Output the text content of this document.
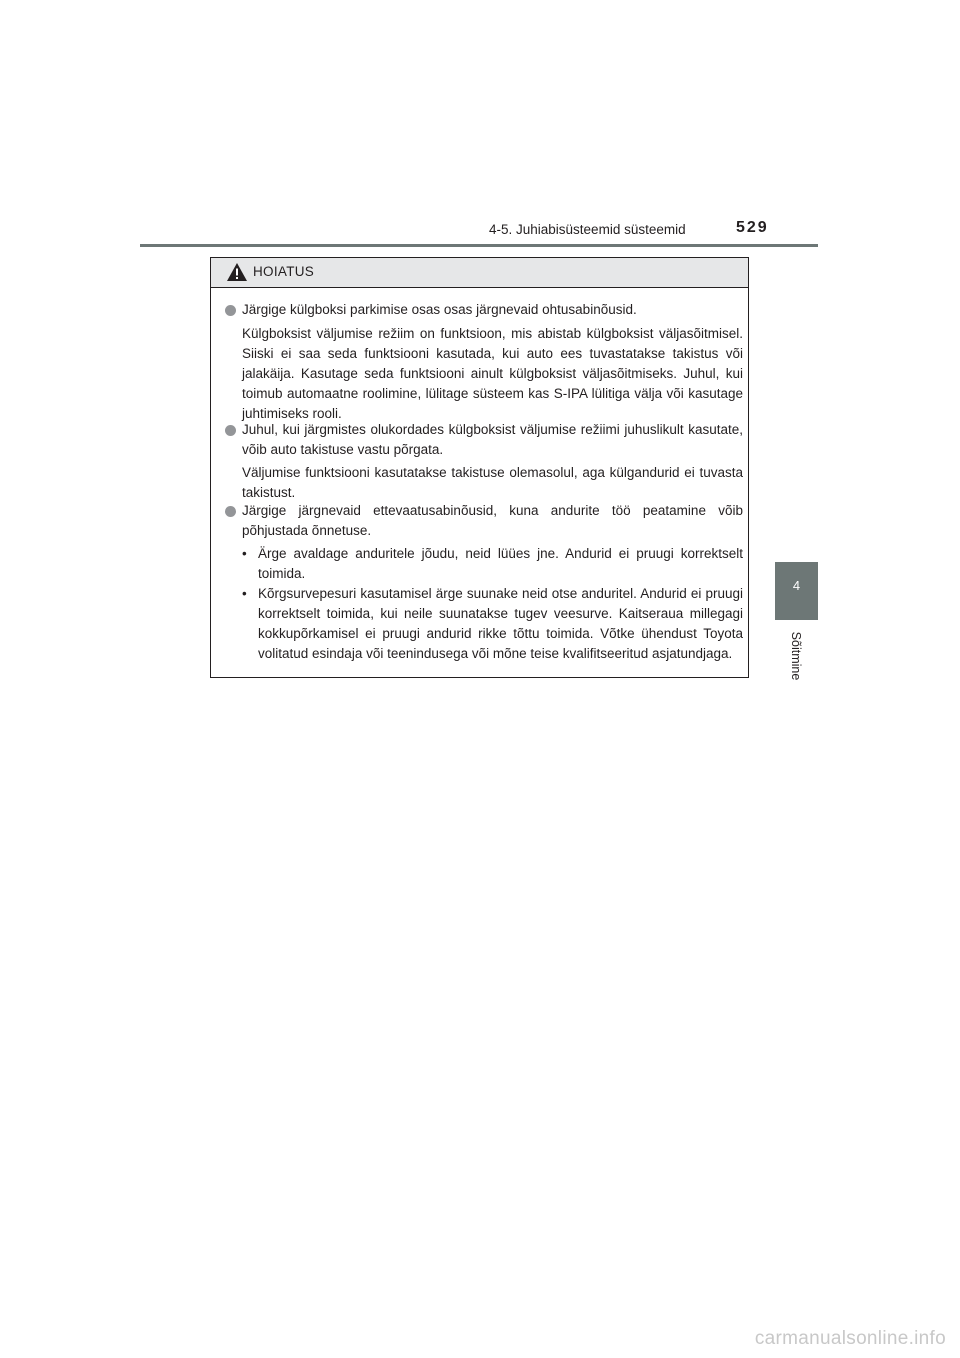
4-5. Juhiabisüsteemid süsteemid	529
4
Sõitmine
HOIATUS
Järgige külgboksi parkimise osas osas järgnevaid ohtusabinõusid.
Külgboksist väljumise režiim on funktsioon, mis abistab külgboksist väljasõitmisel. Siiski ei saa seda funktsiooni kasutada, kui auto ees tuvastatakse takistus või jalakäija. Kasutage seda funktsiooni ainult külgboksist väljasõitmiseks. Juhul, kui toimub automaatne roolimine, lülitage süsteem kas S-IPA lülitiga välja või kasutage juhtimiseks rooli.
Juhul, kui järgmistes olukordades külgboksist väljumise režiimi juhuslikult kasutate, võib auto takistuse vastu põrgata.
Väljumise funktsiooni kasutatakse takistuse olemasolul, aga külgandurid ei tuvasta takistust.
Järgige järgnevaid ettevaatusabinõusid, kuna andurite töö peatamine võib põhjustada õnnetuse.
• Ärge avaldage anduritele jõudu, neid lüües jne. Andurid ei pruugi korrektselt toimida.
• Kõrgsurvepesuri kasutamisel ärge suunake neid otse anduritel. Andurid ei pruugi korrektselt toimida, kui neile suunatakse tugev veesurve. Kaitseraua millegagi kokkupõrkamisel ei pruugi andurid rikke tõttu toimida. Võtke ühendust Toyota volitatud esindaja või teenindusega või mõne teise kvalifitseeritud asjatundjaga.
carmanualsonline.info
